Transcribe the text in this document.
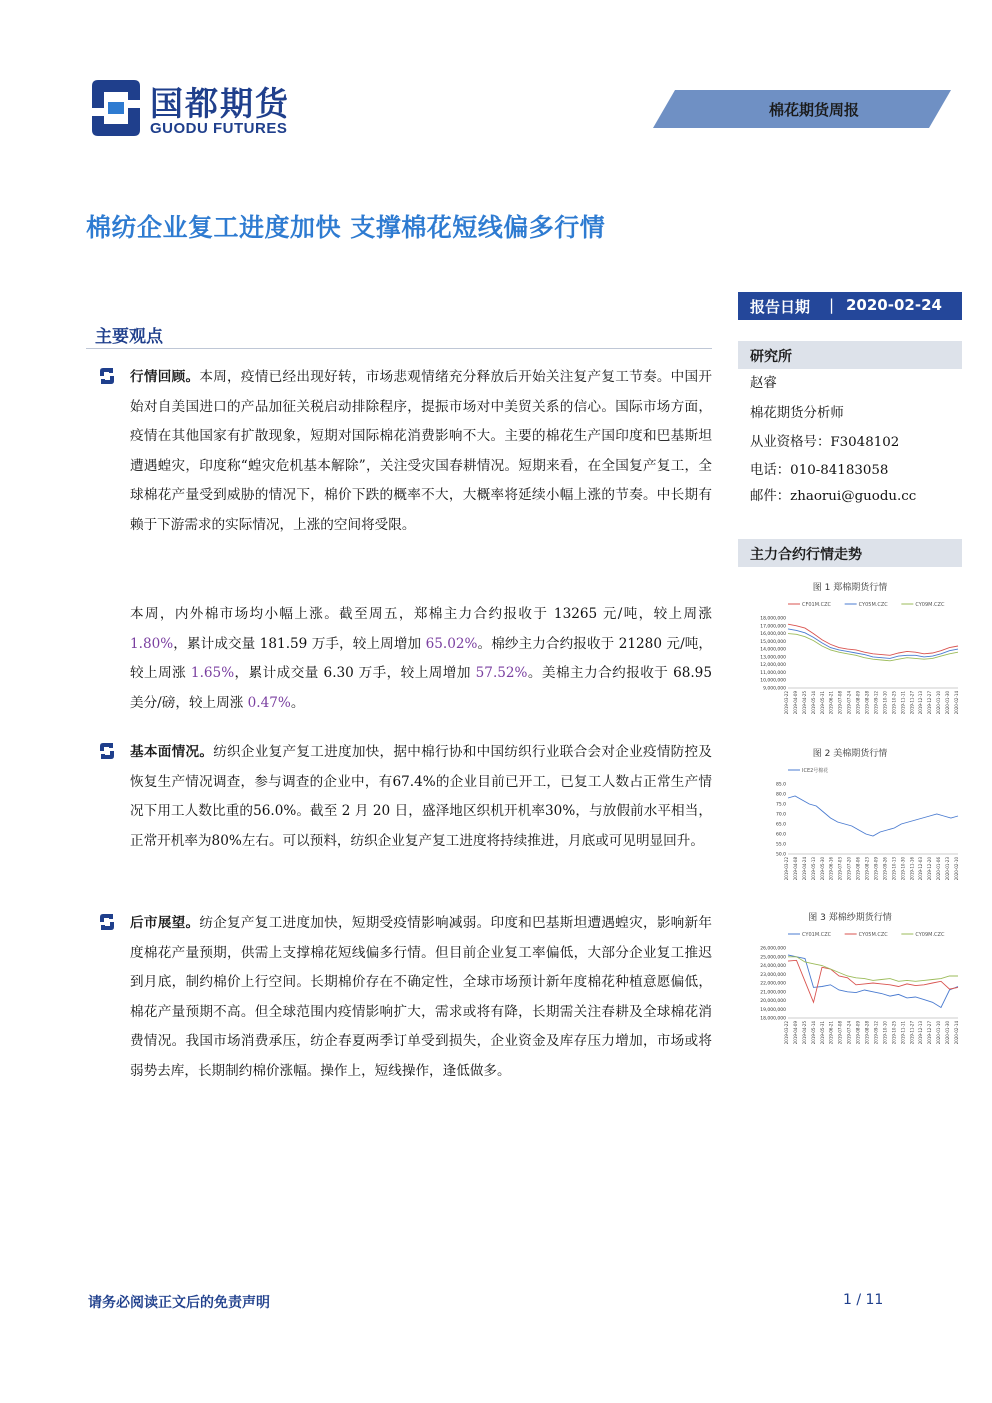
国都期货
GUODU FUTURES
棉花期货周报
棉纺企业复工进度加快 支撑棉花短线偏多行情
主要观点
行情回顾。本周，疫情已经出现好转，市场悲观情绪充分释放后开始关注复产复工节奏。中国开始对自美国进口的产品加征关税启动排除程序，提振市场对中美贸关系的信心。国际市场方面，疫情在其他国家有扩散现象，短期对国际棉花消费影响不大。主要的棉花生产国印度和巴基斯坦遭遇蝗灾，印度称“蝗灾危机基本解除”，关注受灾国春耕情况。短期来看，在全国复产复工，全球棉花产量受到威胁的情况下，棉价下跌的概率不大，大概率将延续小幅上涨的节奏。中长期有赖于下游需求的实际情况，上涨的空间将受限。
本周，内外棉市场均小幅上涨。截至周五，郑棉主力合约报收于 13265 元/吨，较上周涨 1.80%，累计成交量 181.59 万手，较上周增加 65.02%。棉纱主力合约报收于 21280 元/吨，较上周涨 1.65%，累计成交量 6.30 万手，较上周增加 57.52%。美棉主力合约报收于 68.95 美分/磅，较上周涨 0.47%。
基本面情况。纺织企业复产复工进度加快，据中棉行协和中国纺织行业联合会对企业疫情防控及恢复生产情况调查，参与调查的企业中，有67.4%的企业目前已开工，已复工人数占正常生产情况下用工人数比重的56.0%。截至 2 月 20 日，盛泽地区织机开机率30%，与放假前水平相当，正常开机率为80%左右。可以预料，纺织企业复产复工进度将持续推进，月底或可见明显回升。
后市展望。纺企复产复工进度加快，短期受疫情影响减弱。印度和巴基斯坦遭遇蝗灾，影响新年度棉花产量预期，供需上支撑棉花短线偏多行情。但目前企业复工率偏低，大部分企业复工推迟到月底，制约棉价上行空间。长期棉价存在不确定性，全球市场预计新年度棉花种植意愿偏低，棉花产量预期不高。但全球范围内疫情影响扩大，需求或将有降，长期需关注春耕及全球棉花消费情况。我国市场消费承压，纺企春夏两季订单受到损失，企业资金及库存压力增加，市场或将弱势去库，长期制约棉价涨幅。操作上，短线操作，逢低做多。
报告日期 | 2020-02-24
研究所
赵睿
棉花期货分析师
从业资格号：F3048102
电话：010-84183058
邮件：zhaorui@guodu.cc
主力合约行情走势
图 1 郑棉期货行情
CF01M.CZC	CY05M.CZC	CY09M.CZC
18,000,000
17,000,000
16,000,000
15,000,000
14,000,000
13,000,000
12,000,000
11,000,000
10,000,000
9,000,000
2019-03-22 2019-04-09 2019-04-25 2019-05-14 2019-05-31 2019-06-21 2019-07-08 2019-07-24 2019-08-09 2019-08-28 2019-09-12 2019-10-10 2019-10-25 2019-11-11 2019-11-27 2019-12-13 2019-12-27 2020-01-10 2020-01-30 2020-02-14
图 2 美棉期货行情
ICE2号棉花
85.0
80.0
75.0
70.0
65.0
60.0
55.0
50.0
2019-03-22 2019-04-08 2019-04-24 2019-05-13 2019-05-30 2019-06-16 2019-07-03 2019-07-20 2019-08-06 2019-08-23 2019-09-09 2019-09-26 2019-10-13 2019-10-30 2019-11-16 2019-12-03 2019-12-20 2020-01-06 2020-01-23 2020-02-10
图 3 郑棉纱期货行情
CY01M.CZC	CY05M.CZC	CY09M.CZC
26,000,000
25,000,000
24,000,000
23,000,000
22,000,000
21,000,000
20,000,000
19,000,000
18,000,000
2019-03-22 2019-04-09 2019-04-25 2019-05-14 2019-05-31 2019-06-21 2019-07-08 2019-07-24 2019-08-09 2019-08-28 2019-09-12 2019-10-10 2019-10-25 2019-11-11 2019-11-27 2019-12-13 2019-12-27 2020-01-10 2020-01-30 2020-02-14
请务必阅读正文后的免责声明	1 / 11
